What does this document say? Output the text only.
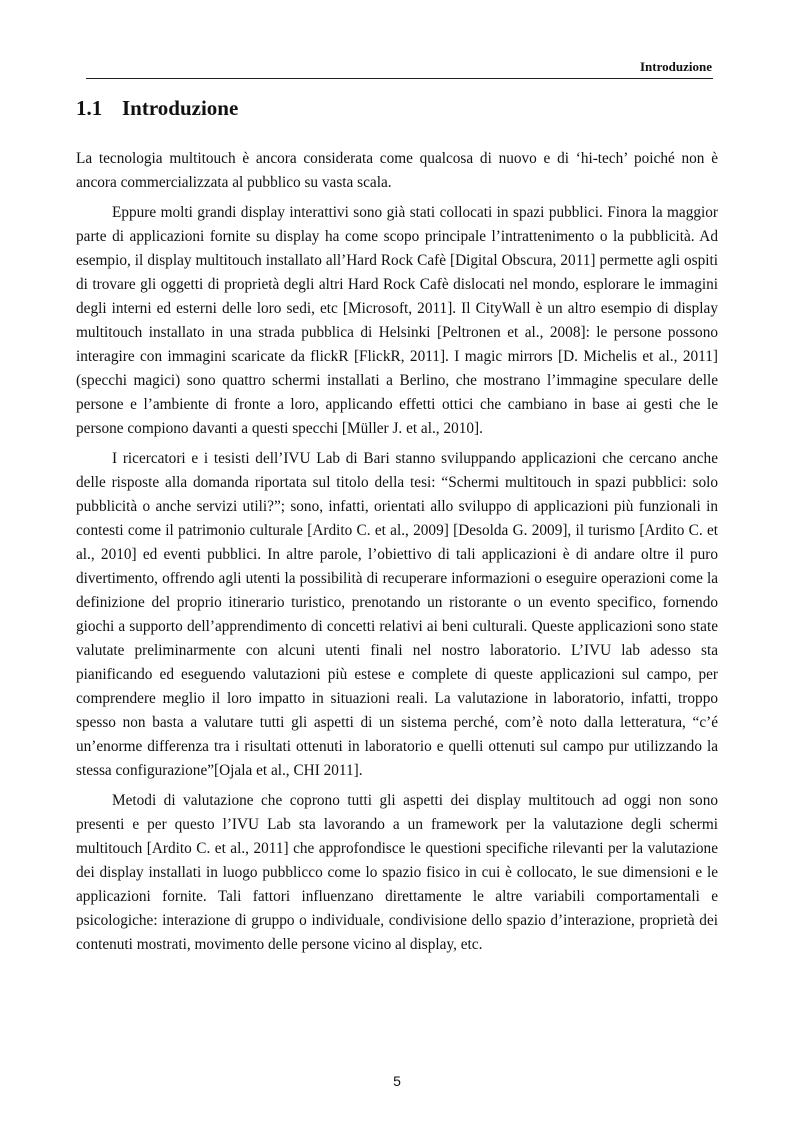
Introduzione
1.1 Introduzione

La tecnologia multitouch è ancora considerata come qualcosa di nuovo e di ‘hi-tech’ poiché non è ancora commercializzata al pubblico su vasta scala.

Eppure molti grandi display interattivi sono già stati collocati in spazi pubblici. Finora la maggior parte di applicazioni fornite su display ha come scopo principale l’intrattenimento o la pubblicità. Ad esempio, il display multitouch installato all’Hard Rock Cafè [Digital Obscura, 2011] permette agli ospiti di trovare gli oggetti di proprietà degli altri Hard Rock Cafè dislocati nel mondo, esplorare le immagini degli interni ed esterni delle loro sedi, etc [Microsoft, 2011]. Il CityWall è un altro esempio di display multitouch installato in una strada pubblica di Helsinki [Peltronen et al., 2008]: le persone possono interagire con immagini scaricate da flickR [FlickR, 2011]. I magic mirrors [D. Michelis et al., 2011] (specchi magici) sono quattro schermi installati a Berlino, che mostrano l’immagine speculare delle persone e l’ambiente di fronte a loro, applicando effetti ottici che cambiano in base ai gesti che le persone compiono davanti a questi specchi [Müller J. et al., 2010].

I ricercatori e i tesisti dell’IVU Lab di Bari stanno sviluppando applicazioni che cercano anche delle risposte alla domanda riportata sul titolo della tesi: “Schermi multitouch in spazi pubblici: solo pubblicità o anche servizi utili?”; sono, infatti, orientati allo sviluppo di applicazioni più funzionali in contesti come il patrimonio culturale [Ardito C. et al., 2009] [Desolda G. 2009], il turismo [Ardito C. et al., 2010] ed eventi pubblici. In altre parole, l’obiettivo di tali applicazioni è di andare oltre il puro divertimento, offrendo agli utenti la possibilità di recuperare informazioni o eseguire operazioni come la definizione del proprio itinerario turistico, prenotando un ristorante o un evento specifico, fornendo giochi a supporto dell’apprendimento di concetti relativi ai beni culturali. Queste applicazioni sono state valutate preliminarmente con alcuni utenti finali nel nostro laboratorio. L’IVU lab adesso sta pianificando ed eseguendo valutazioni più estese e complete di queste applicazioni sul campo, per comprendere meglio il loro impatto in situazioni reali. La valutazione in laboratorio, infatti, troppo spesso non basta a valutare tutti gli aspetti di un sistema perché, com’è noto dalla letteratura, “c’é un’enorme differenza tra i risultati ottenuti in laboratorio e quelli ottenuti sul campo pur utilizzando la stessa configurazione”[Ojala et al., CHI 2011].

Metodi di valutazione che coprono tutti gli aspetti dei display multitouch ad oggi non sono presenti e per questo l’IVU Lab sta lavorando a un framework per la valutazione degli schermi multitouch [Ardito C. et al., 2011] che approfondisce le questioni specifiche rilevanti per la valutazione dei display installati in luogo pubblicco come lo spazio fisico in cui è collocato, le sue dimensioni e le applicazioni fornite. Tali fattori influenzano direttamente le altre variabili comportamentali e psicologiche: interazione di gruppo o individuale, condivisione dello spazio d’interazione, proprietà dei contenuti mostrati, movimento delle persone vicino al display, etc.

5
